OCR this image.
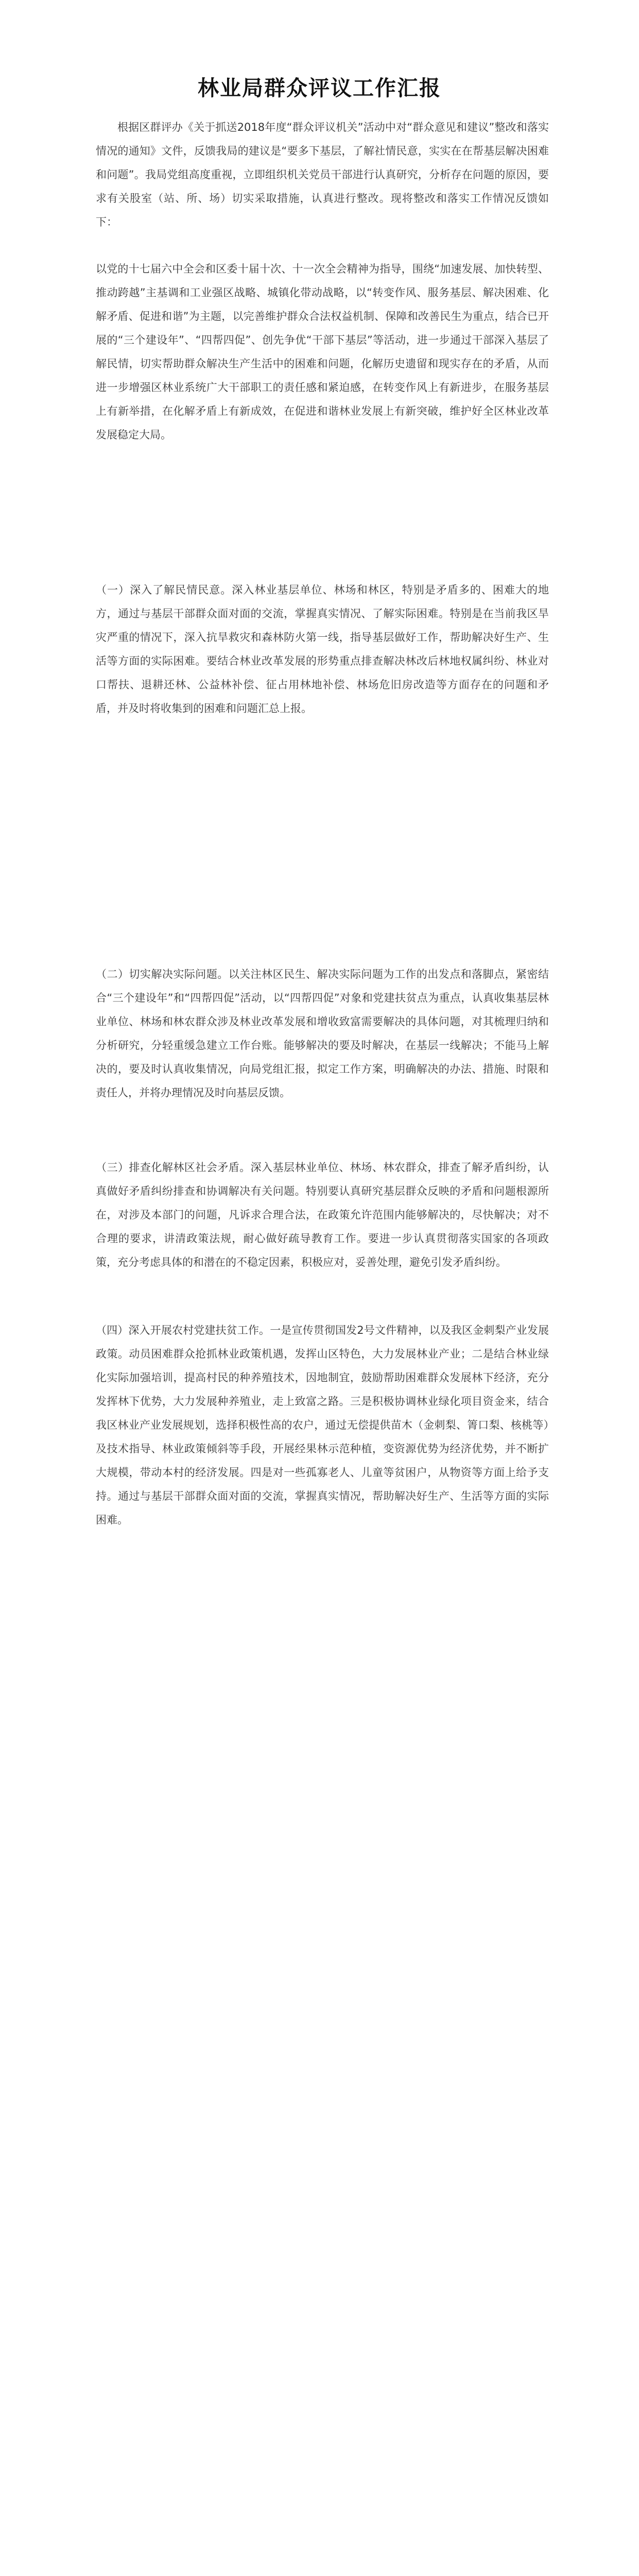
林业局群众评议工作汇报

根据区群评办《关于抓送2018年度“群众评议机关”活动中对“群众意见和建议”整改和落实情况的通知》文件，反馈我局的建议是“要多下基层，了解社情民意，实实在在帮基层解决困难和问题”。我局党组高度重视，立即组织机关党员干部进行认真研究，分析存在问题的原因，要求有关股室（站、所、场）切实采取措施，认真进行整改。现将整改和落实工作情况反馈如下：

以党的十七届六中全会和区委十届十次、十一次全会精神为指导，围绕“加速发展、加快转型、推动跨越”主基调和工业强区战略、城镇化带动战略，以“转变作风、服务基层、解决困难、化解矛盾、促进和谐”为主题，以完善维护群众合法权益机制、保障和改善民生为重点，结合已开展的“三个建设年”、“四帮四促”、创先争优“干部下基层”等活动，进一步通过干部深入基层了解民情，切实帮助群众解决生产生活中的困难和问题，化解历史遗留和现实存在的矛盾，从而进一步增强区林业系统广大干部职工的责任感和紧迫感，在转变作风上有新进步，在服务基层上有新举措，在化解矛盾上有新成效，在促进和谐林业发展上有新突破，维护好全区林业改革发展稳定大局。

（一）深入了解民情民意。深入林业基层单位、林场和林区，特别是矛盾多的、困难大的地方，通过与基层干部群众面对面的交流，掌握真实情况、了解实际困难。特别是在当前我区旱灾严重的情况下，深入抗旱救灾和森林防火第一线，指导基层做好工作，帮助解决好生产、生活等方面的实际困难。要结合林业改革发展的形势重点排查解决林改后林地权属纠纷、林业对口帮扶、退耕还林、公益林补偿、征占用林地补偿、林场危旧房改造等方面存在的问题和矛盾，并及时将收集到的困难和问题汇总上报。

（二）切实解决实际问题。以关注林区民生、解决实际问题为工作的出发点和落脚点，紧密结合“三个建设年”和“四帮四促”活动，以“四帮四促”对象和党建扶贫点为重点，认真收集基层林业单位、林场和林农群众涉及林业改革发展和增收致富需要解决的具体问题，对其梳理归纳和分析研究，分轻重缓急建立工作台账。能够解决的要及时解决，在基层一线解决；不能马上解决的，要及时认真收集情况，向局党组汇报，拟定工作方案，明确解决的办法、措施、时限和责任人，并将办理情况及时向基层反馈。

（三）排查化解林区社会矛盾。深入基层林业单位、林场、林农群众，排查了解矛盾纠纷，认真做好矛盾纠纷排查和协调解决有关问题。特别要认真研究基层群众反映的矛盾和问题根源所在，对涉及本部门的问题，凡诉求合理合法，在政策允许范围内能够解决的，尽快解决；对不合理的要求，讲清政策法规，耐心做好疏导教育工作。要进一步认真贯彻落实国家的各项政策，充分考虑具体的和潜在的不稳定因素，积极应对，妥善处理，避免引发矛盾纠纷。

（四）深入开展农村党建扶贫工作。一是宣传贯彻国发2号文件精神，以及我区金刺梨产业发展政策。动员困难群众抢抓林业政策机遇，发挥山区特色，大力发展林业产业；二是结合林业绿化实际加强培训，提高村民的种养殖技术，因地制宜，鼓励帮助困难群众发展林下经济，充分发挥林下优势，大力发展种养殖业，走上致富之路。三是积极协调林业绿化项目资金来，结合我区林业产业发展规划，选择积极性高的农户，通过无偿提供苗木（金刺梨、箐口梨、核桃等）及技术指导、林业政策倾斜等手段，开展经果林示范种植，变资源优势为经济优势，并不断扩大规模，带动本村的经济发展。四是对一些孤寡老人、儿童等贫困户，从物资等方面上给予支持。通过与基层干部群众面对面的交流，掌握真实情况，帮助解决好生产、生活等方面的实际困难。
